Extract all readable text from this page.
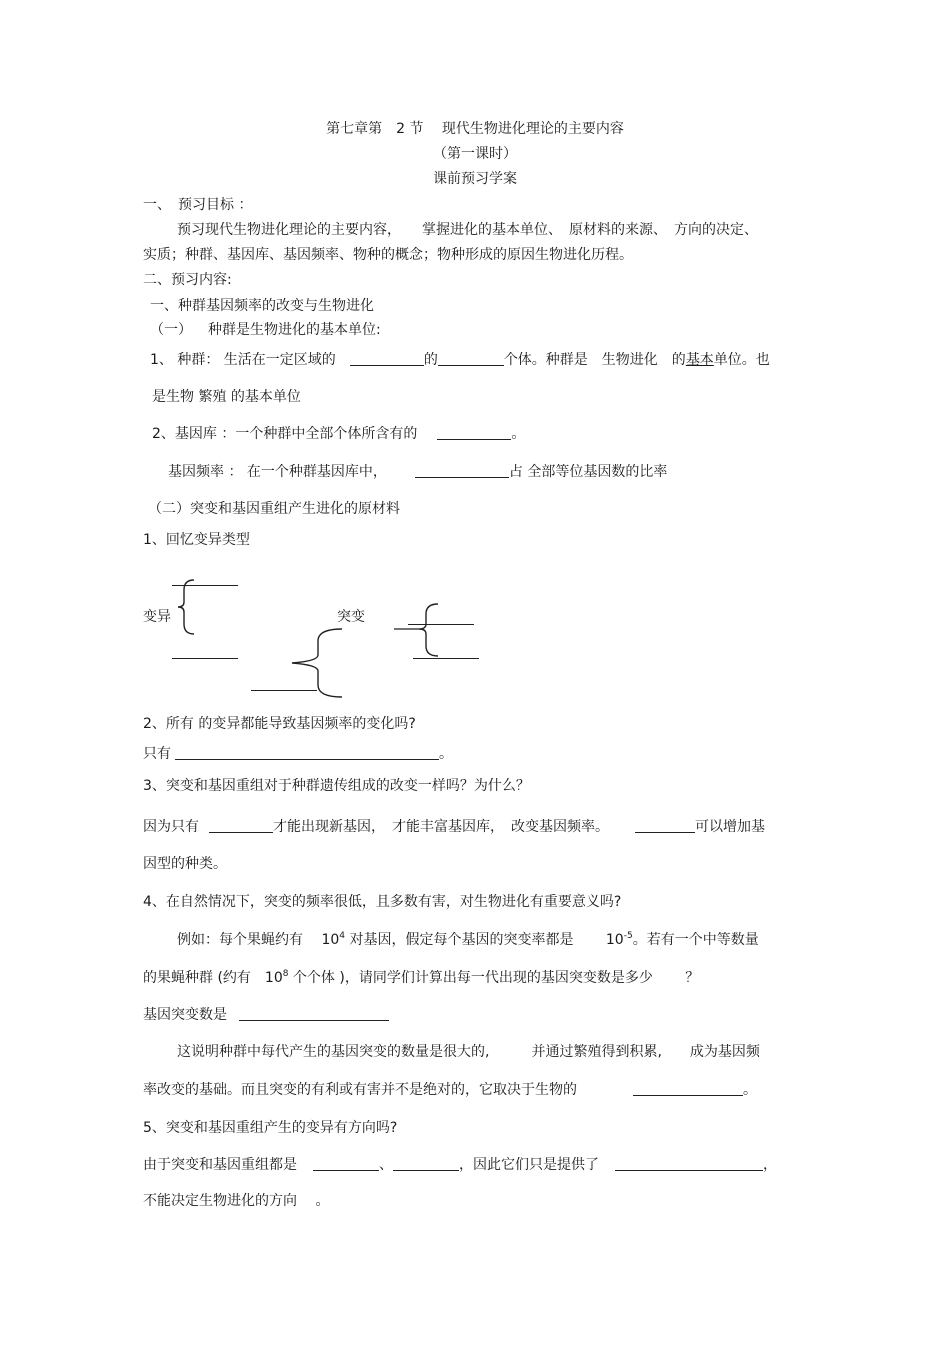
第七章第　2 节　 现代生物进化理论的主要内容
（第一课时）
课前预习学案
一、　预习目标 ：
预习现代生物进化理论的主要内容，　　掌握进化的基本单位、　原材料的来源、　方向的决定、
实质；种群、基因库、基因频率、物种的概念；物种形成的原因生物进化历程。
二、预习内容:
一、种群基因频率的改变与生物进化
（一） 种群是生物进化的基本单位:
1、 种群： 生活在一定区域的	的	个体。种群是　生物进化　的基本单位。也
是生物 繁殖 的基本单位
2、基因库 ：一个种群中全部个体所含有的	。
基因频率 ： 在一个种群基因库中，	占 全部等位基因数的比率
（二）突变和基因重组产生进化的原材料
1、回忆变异类型
变异	突变
2、所有 的变异都能导致基因频率的变化吗?
只有	。
3、突变和基因重组对于种群遗传组成的改变一样吗？为什么？
因为只有	才能出现新基因，　才能丰富基因库，　改变基因频率。	可以增加基
因型的种类。
4、在自然情况下，突变的频率很低，且多数有害，对生物进化有重要意义吗?
例如：每个果蝇约有　 $10^4$ 对基因，假定每个基因的突变率都是　　 $10^{-5}$。若有一个中等数量
的果蝇种群 (约有　$10^8$ 个个体 )，请同学们计算出每一代出现的基因突变数是多少　　 ？
基因突变数是
这说明种群中每代产生的基因突变的数量是很大的,　　　并通过繁殖得到积累,　　成为基因频
率改变的基础。而且突变的有利或有害并不是绝对的，它取决于生物的	。
5、突变和基因重组产生的变异有方向吗?
由于突变和基因重组都是	、	，因此它们只是提供了	，
不能决定生物进化的方向　 。
